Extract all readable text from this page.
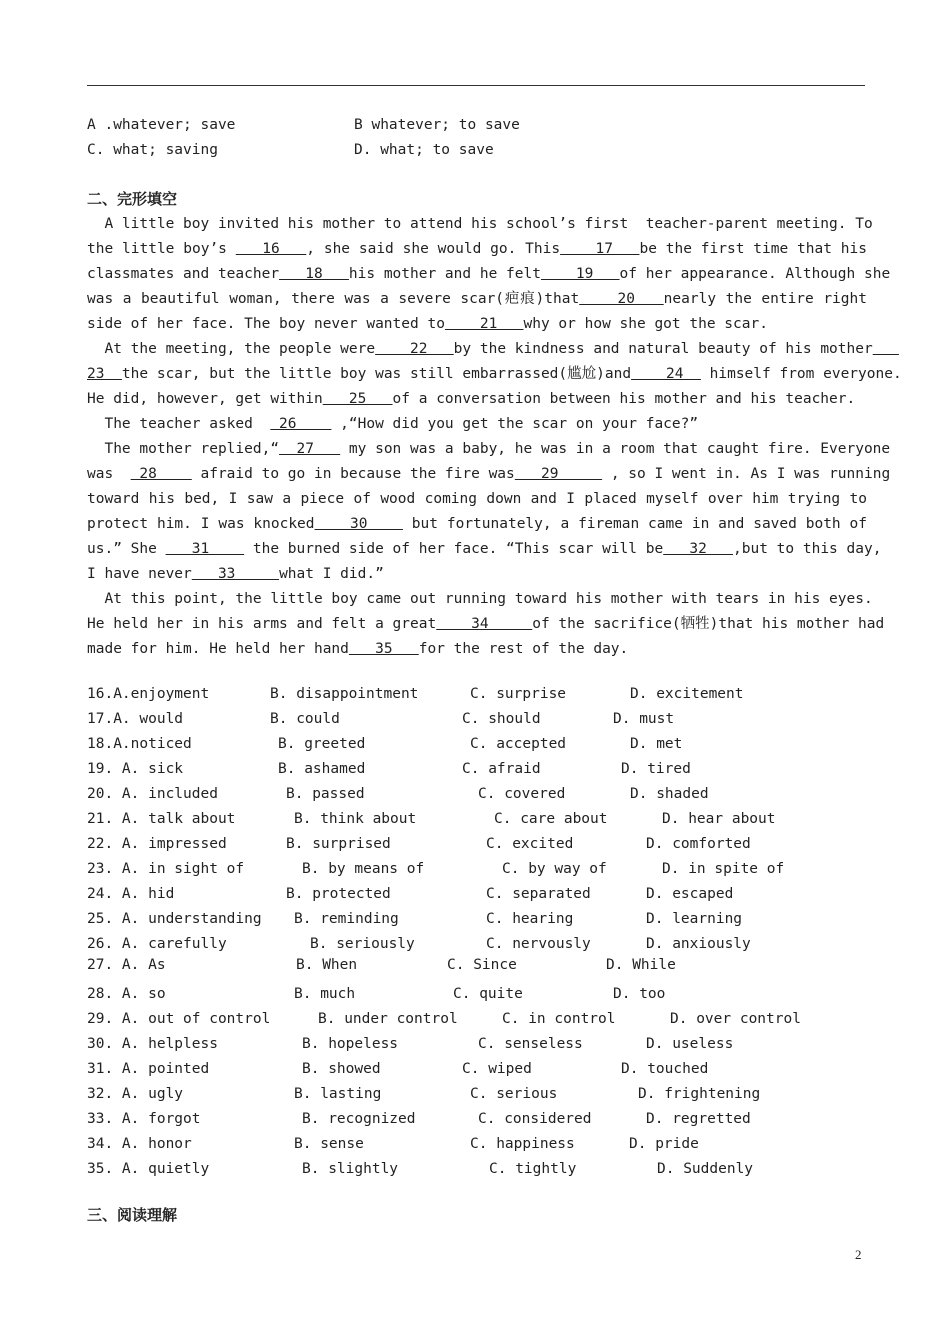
A .whatever; save	B whatever; to save
C. what; saving	D. what; to save
二、完形填空
A little boy invited his mother to attend his school’s first  teacher-parent meeting. To
the little boy’s    16   , she said she would go. This    17   be the first time that his
classmates and teacher   18   his mother and he felt    19   of her appearance. Although she
was a beautiful woman, there was a severe scar(疤痕)that    20   nearly the entire right
side of her face. The boy never wanted to    21   why or how she got the scar.
At the meeting, the people were    22   by the kindness and natural beauty of his mother
23  the scar, but the little boy was still embarrassed(尴尬)and    24   himself from everyone.
He did, however, get within   25   of a conversation between his mother and his teacher.
The teacher asked   26     ,“How did you get the scar on your face?”
The mother replied,“  27    my son was a baby, he was in a room that caught fire. Everyone
was   28     afraid to go in because the fire was   29      , so I went in. As I was running
toward his bed, I saw a piece of wood coming down and I placed myself over him trying to
protect him. I was knocked    30     but fortunately, a fireman came in and saved both of
us.” She    31     the burned side of her face. “This scar will be   32   ,but to this day,
I have never   33     what I did.”
At this point, the little boy came out running toward his mother with tears in his eyes.
He held her in his arms and felt a great    34     of the sacrifice(牺牲)that his mother had
made for him. He held her hand   35   for the rest of the day.
16.A.enjoyment	B. disappointment	C. surprise	D. excitement
17.A. would	B. could	C. should	D. must
18.A.noticed	B. greeted	C. accepted	D. met
19. A. sick	B. ashamed	C. afraid	D. tired
20. A. included	B. passed	C. covered	D. shaded
21. A. talk about	B. think about	C. care about	D. hear about
22. A. impressed	B. surprised	C. excited	D. comforted
23. A. in sight of	B. by means of	C. by way of	D. in spite of
24. A. hid	B. protected	C. separated	D. escaped
25. A. understanding B. reminding	C. hearing	D. learning
26. A. carefully	B. seriously	C. nervously	D. anxiously
27. A. As	B. When	C. Since	D. While
28. A. so	B. much	C. quite	D. too
29. A. out of control	B. under control	C. in control	D. over control
30. A. helpless	B. hopeless	C. senseless	D. useless
31. A. pointed	B. showed	C. wiped	D. touched
32. A. ugly	B. lasting	C. serious	D. frightening
33. A. forgot	B. recognized	C. considered	D. regretted
34. A. honor	B. sense	C. happiness	D. pride
35. A. quietly	B. slightly	C. tightly	D. Suddenly
三、阅读理解
2
